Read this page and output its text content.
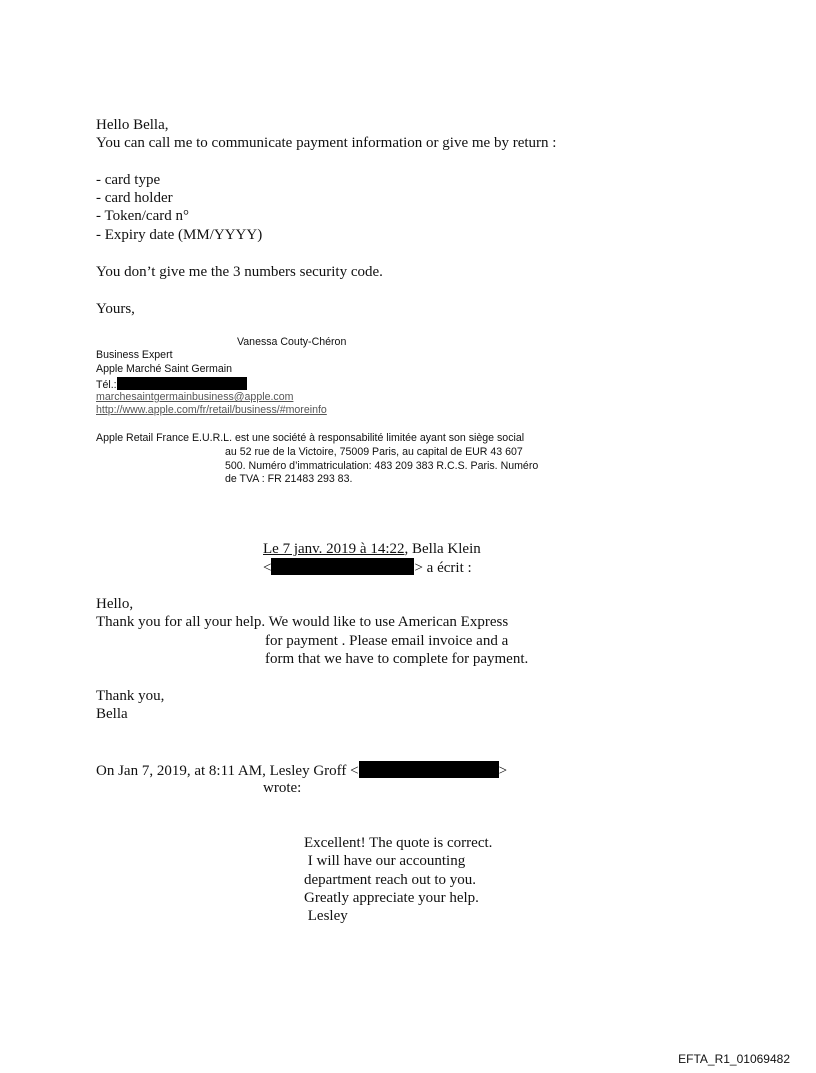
Hello Bella,

You can call me to communicate payment information or give me by return :

- card type

- card holder

- Token/card n°

- Expiry date (MM/YYYY)

You don’t give me the 3 numbers security code.

Yours,

Vanessa Couty-Chéron

Business Expert

Apple Marché Saint Germain

Tél.:

marchesaintgermainbusiness@apple.com
http://www.apple.com/fr/retail/business/#moreinfo

Apple Retail France E.U.R.L. est une société à responsabilité limitée ayant son siège social

au 52 rue de la Victoire, 75009 Paris, au capital de EUR 43 607

500. Numéro d’immatriculation: 483 209 383 R.C.S. Paris. Numéro

de TVA : FR 21483 293 83.

Le 7 janv. 2019 à 14:22, Bella Klein

<	> a écrit :

Hello,

Thank you for all your help. We would like to use American Express

for payment . Please email invoice and a

form that we have to complete for payment.

Thank you,

Bella

On Jan 7, 2019, at 8:11 AM, Lesley Groff <	>

wrote:

Excellent! The quote is correct.

I will have our accounting

department reach out to you.

Greatly appreciate your help.

Lesley

EFTA_R1_01069482
